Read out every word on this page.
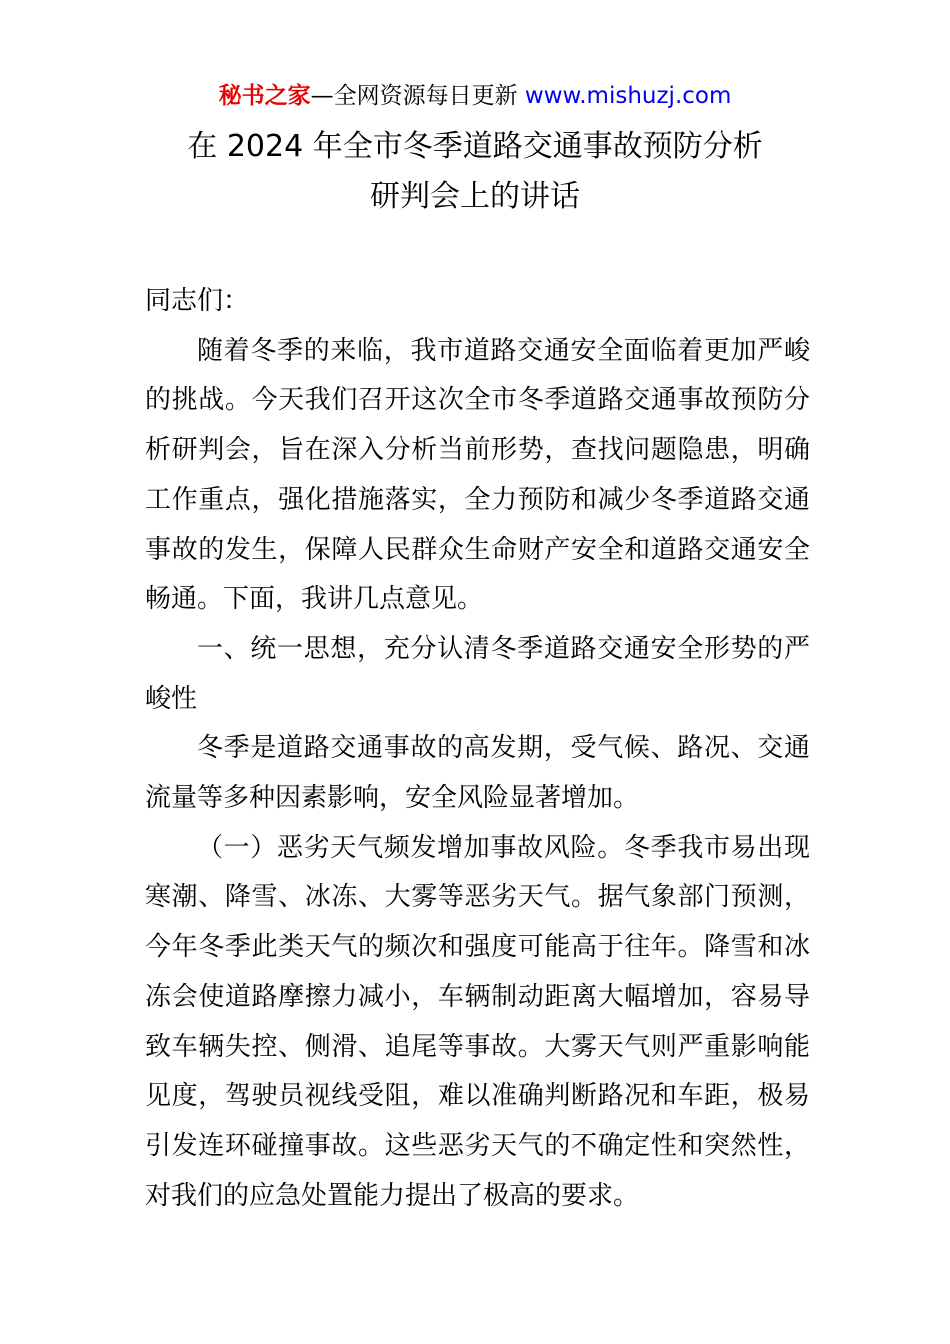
秘书之家—全网资源每日更新 www.mishuzj.com
在 2024 年全市冬季道路交通事故预防分析
研判会上的讲话

同志们：

随着冬季的来临，我市道路交通安全面临着更加严峻的挑战。今天我们召开这次全市冬季道路交通事故预防分析研判会，旨在深入分析当前形势，查找问题隐患，明确工作重点，强化措施落实，全力预防和减少冬季道路交通事故的发生，保障人民群众生命财产安全和道路交通安全畅通。下面，我讲几点意见。

一、统一思想，充分认清冬季道路交通安全形势的严峻性

冬季是道路交通事故的高发期，受气候、路况、交通流量等多种因素影响，安全风险显著增加。

（一）恶劣天气频发增加事故风险。冬季我市易出现寒潮、降雪、冰冻、大雾等恶劣天气。据气象部门预测，今年冬季此类天气的频次和强度可能高于往年。降雪和冰冻会使道路摩擦力减小，车辆制动距离大幅增加，容易导致车辆失控、侧滑、追尾等事故。大雾天气则严重影响能见度，驾驶员视线受阻，难以准确判断路况和车距，极易引发连环碰撞事故。这些恶劣天气的不确定性和突然性，对我们的应急处置能力提出了极高的要求。
